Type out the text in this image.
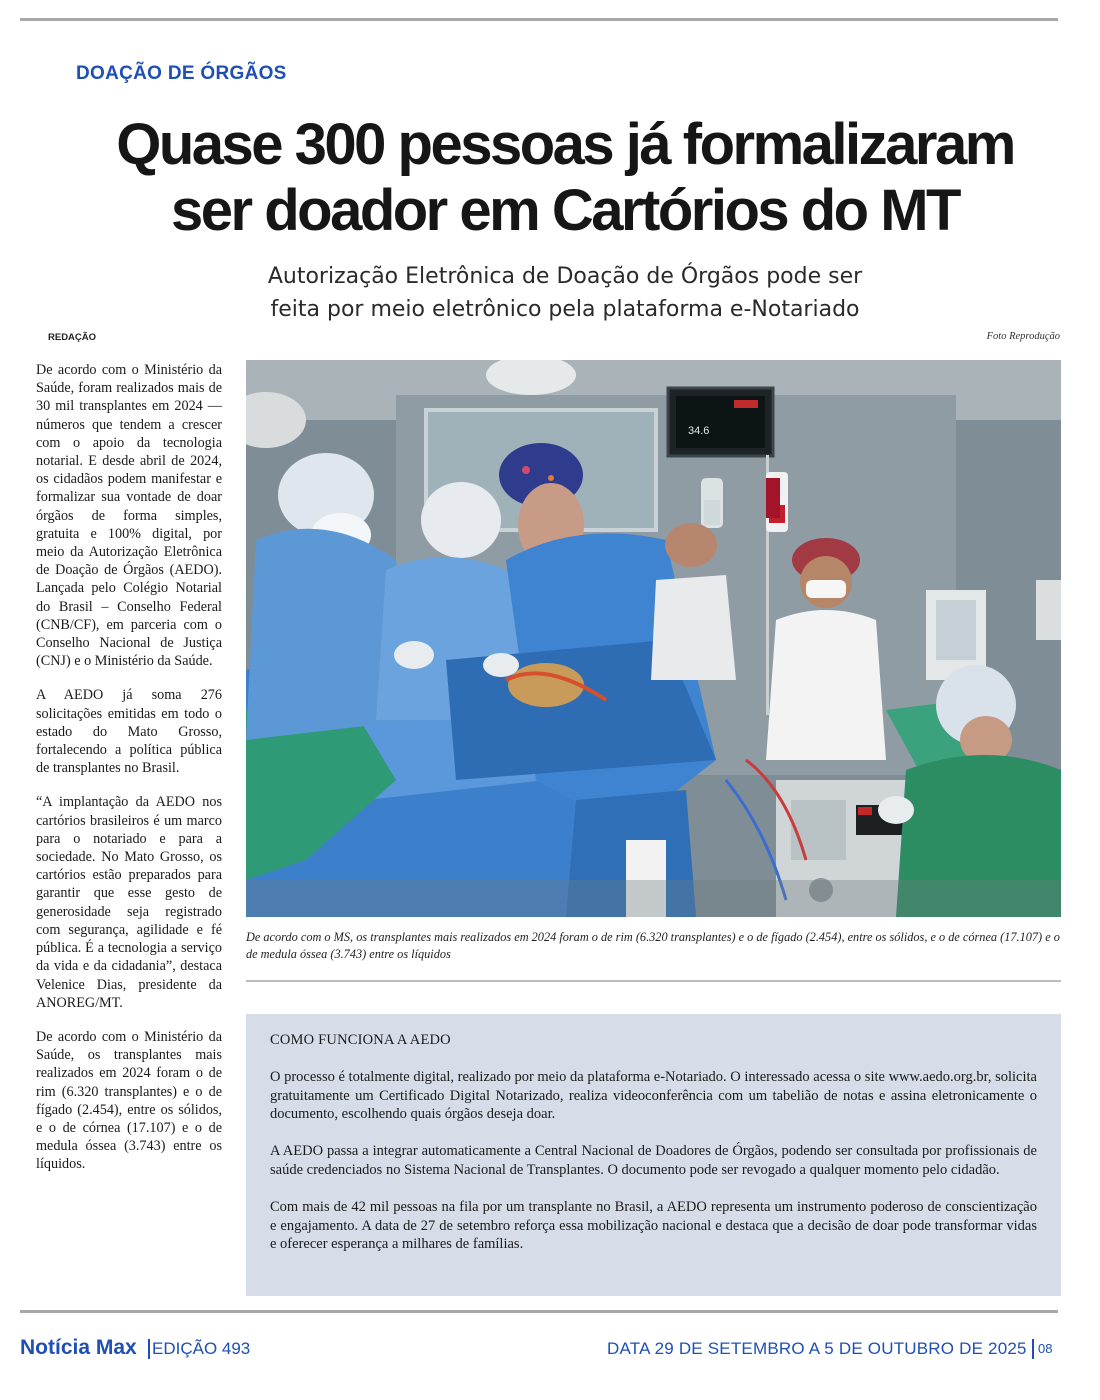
DOAÇÃO DE ÓRGÃOS
Quase 300 pessoas já formalizaram
ser doador em Cartórios do MT
Autorização Eletrônica de Doação de Órgãos pode ser
feita por meio eletrônico pela plataforma e-Notariado
REDAÇÃO	Foto Reprodução

De acordo com o Ministério da Saúde, foram realizados mais de 30 mil transplantes em 2024 — números que tendem a crescer com o apoio da tecnologia notarial. E desde abril de 2024, os cidadãos podem manifestar e formalizar sua vontade de doar órgãos de forma simples, gratuita e 100% digital, por meio da Autorização Eletrônica de Doação de Órgãos (AEDO). Lançada pelo Colégio Notarial do Brasil – Conselho Federal (CNB/CF), em parceria com o Conselho Nacional de Justiça (CNJ) e o Ministério da Saúde.

A AEDO já soma 276 solicitações emitidas em todo o estado do Mato Grosso, fortalecendo a política pública de transplantes no Brasil.

“A implantação da AEDO nos cartórios brasileiros é um marco para o notariado e para a sociedade. No Mato Grosso, os cartórios estão preparados para garantir que esse gesto de generosidade seja registrado com segurança, agilidade e fé pública. É a tecnologia a serviço da vida e da cidadania”, destaca Velenice Dias, presidente da ANOREG/MT.

De acordo com o Ministério da Saúde, os transplantes mais realizados em 2024 foram o de rim (6.320 transplantes) e o de fígado (2.454), entre os sólidos, e o de córnea (17.107) e o de medula óssea (3.743) entre os líquidos.

34.6
De acordo com o MS, os transplantes mais realizados em 2024 foram o de rim (6.320 transplantes) e o de fígado (2.454), entre os sólidos, e o de córnea (17.107) e o de medula óssea (3.743) entre os líquidos
COMO FUNCIONA A AEDO

O processo é totalmente digital, realizado por meio da plataforma e-Notariado. O interessado acessa o site www.aedo.org.br, solicita gratuitamente um Certificado Digital Notarizado, realiza videoconferência com um tabelião de notas e assina eletronicamente o documento, escolhendo quais órgãos deseja doar.

A AEDO passa a integrar automaticamente a Central Nacional de Doadores de Órgãos, podendo ser consultada por profissionais de saúde credenciados no Sistema Nacional de Transplantes. O documento pode ser revogado a qualquer momento pelo cidadão.

Com mais de 42 mil pessoas na fila por um transplante no Brasil, a AEDO representa um instrumento poderoso de conscientização e engajamento. A data de 27 de setembro reforça essa mobilização nacional e destaca que a decisão de doar pode transformar vidas e oferecer esperança a milhares de famílias.

Notícia Max EDIÇÃO 493	DATA 29 DE SETEMBRO A 5 DE OUTUBRO DE 2025 08
